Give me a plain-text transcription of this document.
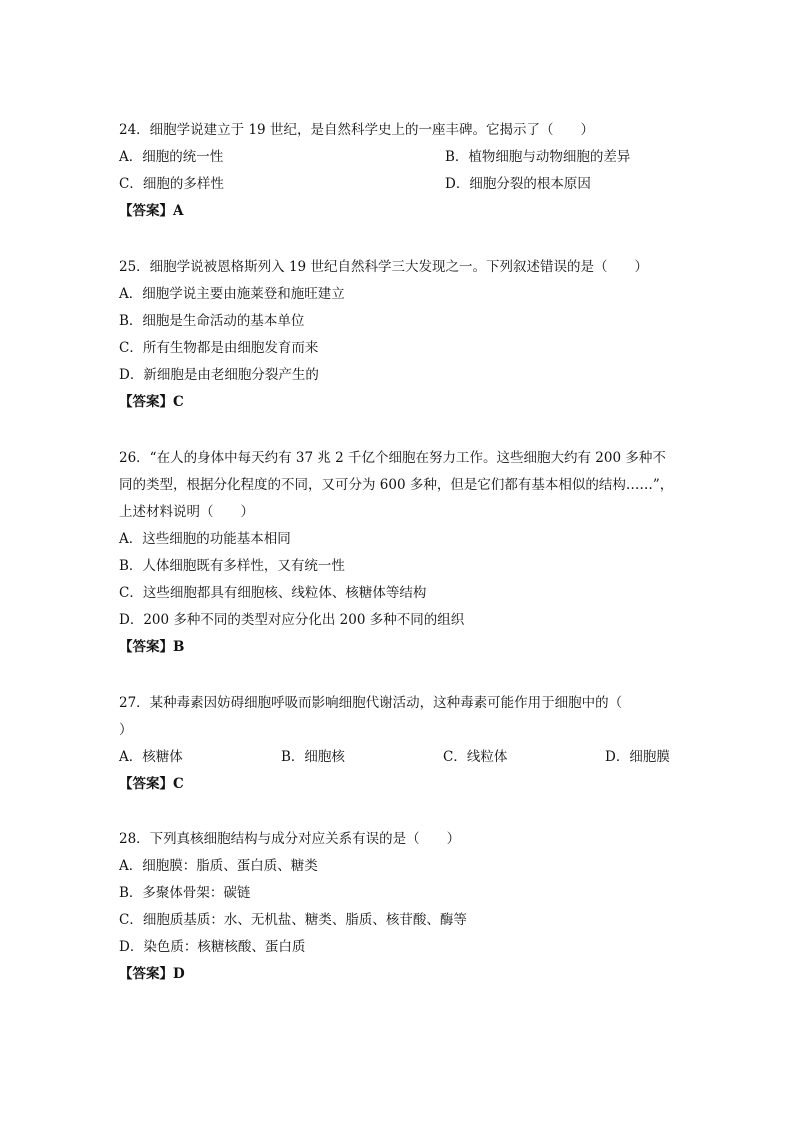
24．细胞学说建立于 19 世纪，是自然科学史上的一座丰碑。它揭示了（　　）
A．细胞的统一性	B．植物细胞与动物细胞的差异
C．细胞的多样性	D．细胞分裂的根本原因
【答案】A
25．细胞学说被恩格斯列入 19 世纪自然科学三大发现之一。下列叙述错误的是（　　）
A．细胞学说主要由施莱登和施旺建立
B．细胞是生命活动的基本单位
C．所有生物都是由细胞发育而来
D．新细胞是由老细胞分裂产生的
【答案】C
26．“在人的身体中每天约有 37 兆 2 千亿个细胞在努力工作。这些细胞大约有 200 多种不
同的类型，根据分化程度的不同，又可分为 600 多种，但是它们都有基本相似的结构……”，
上述材料说明（　　）
A．这些细胞的功能基本相同
B．人体细胞既有多样性，又有统一性
C．这些细胞都具有细胞核、线粒体、核糖体等结构
D．200 多种不同的类型对应分化出 200 多种不同的组织
【答案】B
27．某种毒素因妨碍细胞呼吸而影响细胞代谢活动，这种毒素可能作用于细胞中的（
）
A．核糖体	B．细胞核	C．线粒体	D．细胞膜
【答案】C
28．下列真核细胞结构与成分对应关系有误的是（　　）
A．细胞膜：脂质、蛋白质、糖类
B．多聚体骨架：碳链
C．细胞质基质：水、无机盐、糖类、脂质、核苷酸、酶等
D．染色质：核糖核酸、蛋白质
【答案】D
